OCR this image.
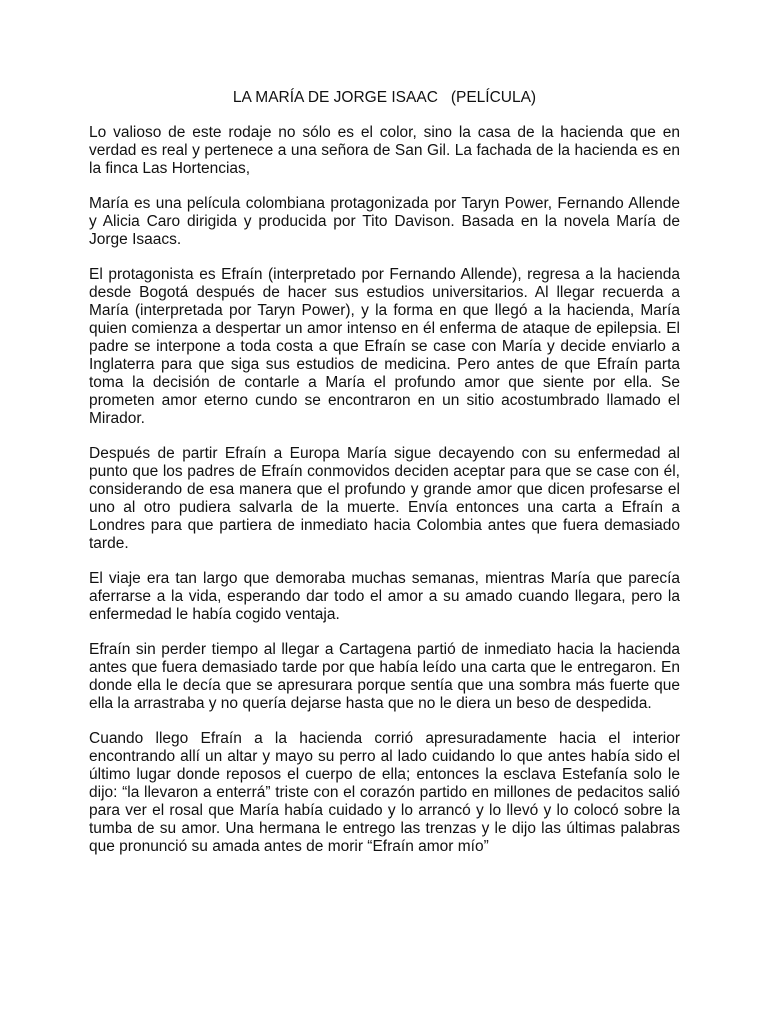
LA MARÍA DE JORGE ISAAC   (PELÍCULA)

Lo valioso de este rodaje no sólo es el color, sino la casa de la hacienda que en verdad es real y pertenece a una señora de San Gil. La fachada de la hacienda es en la finca Las Hortencias,

María es una película colombiana protagonizada por Taryn Power, Fernando Allende y Alicia Caro dirigida y producida por Tito Davison. Basada en la novela María de Jorge Isaacs.

El protagonista es Efraín (interpretado por Fernando Allende), regresa a la hacienda desde Bogotá después de hacer sus estudios universitarios. Al llegar recuerda a María (interpretada por Taryn Power), y la forma en que llegó a la hacienda, María quien comienza a despertar un amor intenso en él enferma de ataque de epilepsia. El padre se interpone a toda costa a que Efraín se case con María y decide enviarlo a Inglaterra para que siga sus estudios de medicina. Pero antes de que Efraín parta toma la decisión de contarle a María el profundo amor que siente por ella. Se prometen amor eterno cundo se encontraron en un sitio acostumbrado llamado el Mirador.

Después de partir Efraín a Europa María sigue decayendo con su enfermedad al punto que los padres de Efraín conmovidos deciden aceptar para que se case con él, considerando de esa manera que el profundo y grande amor que dicen profesarse el uno al otro pudiera salvarla de la muerte. Envía entonces una carta a Efraín a Londres para que partiera de inmediato hacia Colombia antes que fuera demasiado tarde.

El viaje era tan largo que demoraba muchas semanas, mientras María que parecía aferrarse a la vida, esperando dar todo el amor a su amado cuando llegara, pero la enfermedad le había cogido ventaja.

Efraín sin perder tiempo al llegar a Cartagena partió de inmediato hacia la hacienda antes que fuera demasiado tarde por que había leído una carta que le entregaron. En donde ella le decía que se apresurara porque sentía que una sombra más fuerte que ella la arrastraba y no quería dejarse hasta que no le diera un beso de despedida.

Cuando llego Efraín a la hacienda corrió apresuradamente hacia el interior encontrando allí un altar y mayo su perro al lado cuidando lo que antes había sido el último lugar donde reposos el cuerpo de ella; entonces la esclava Estefanía solo le dijo: “la llevaron a enterrá” triste con el corazón partido en millones de pedacitos salió para ver el rosal que María había cuidado y lo arrancó y lo llevó y lo colocó sobre la tumba de su amor. Una hermana le entrego las trenzas y le dijo las últimas palabras que pronunció su amada antes de morir “Efraín amor mío”
